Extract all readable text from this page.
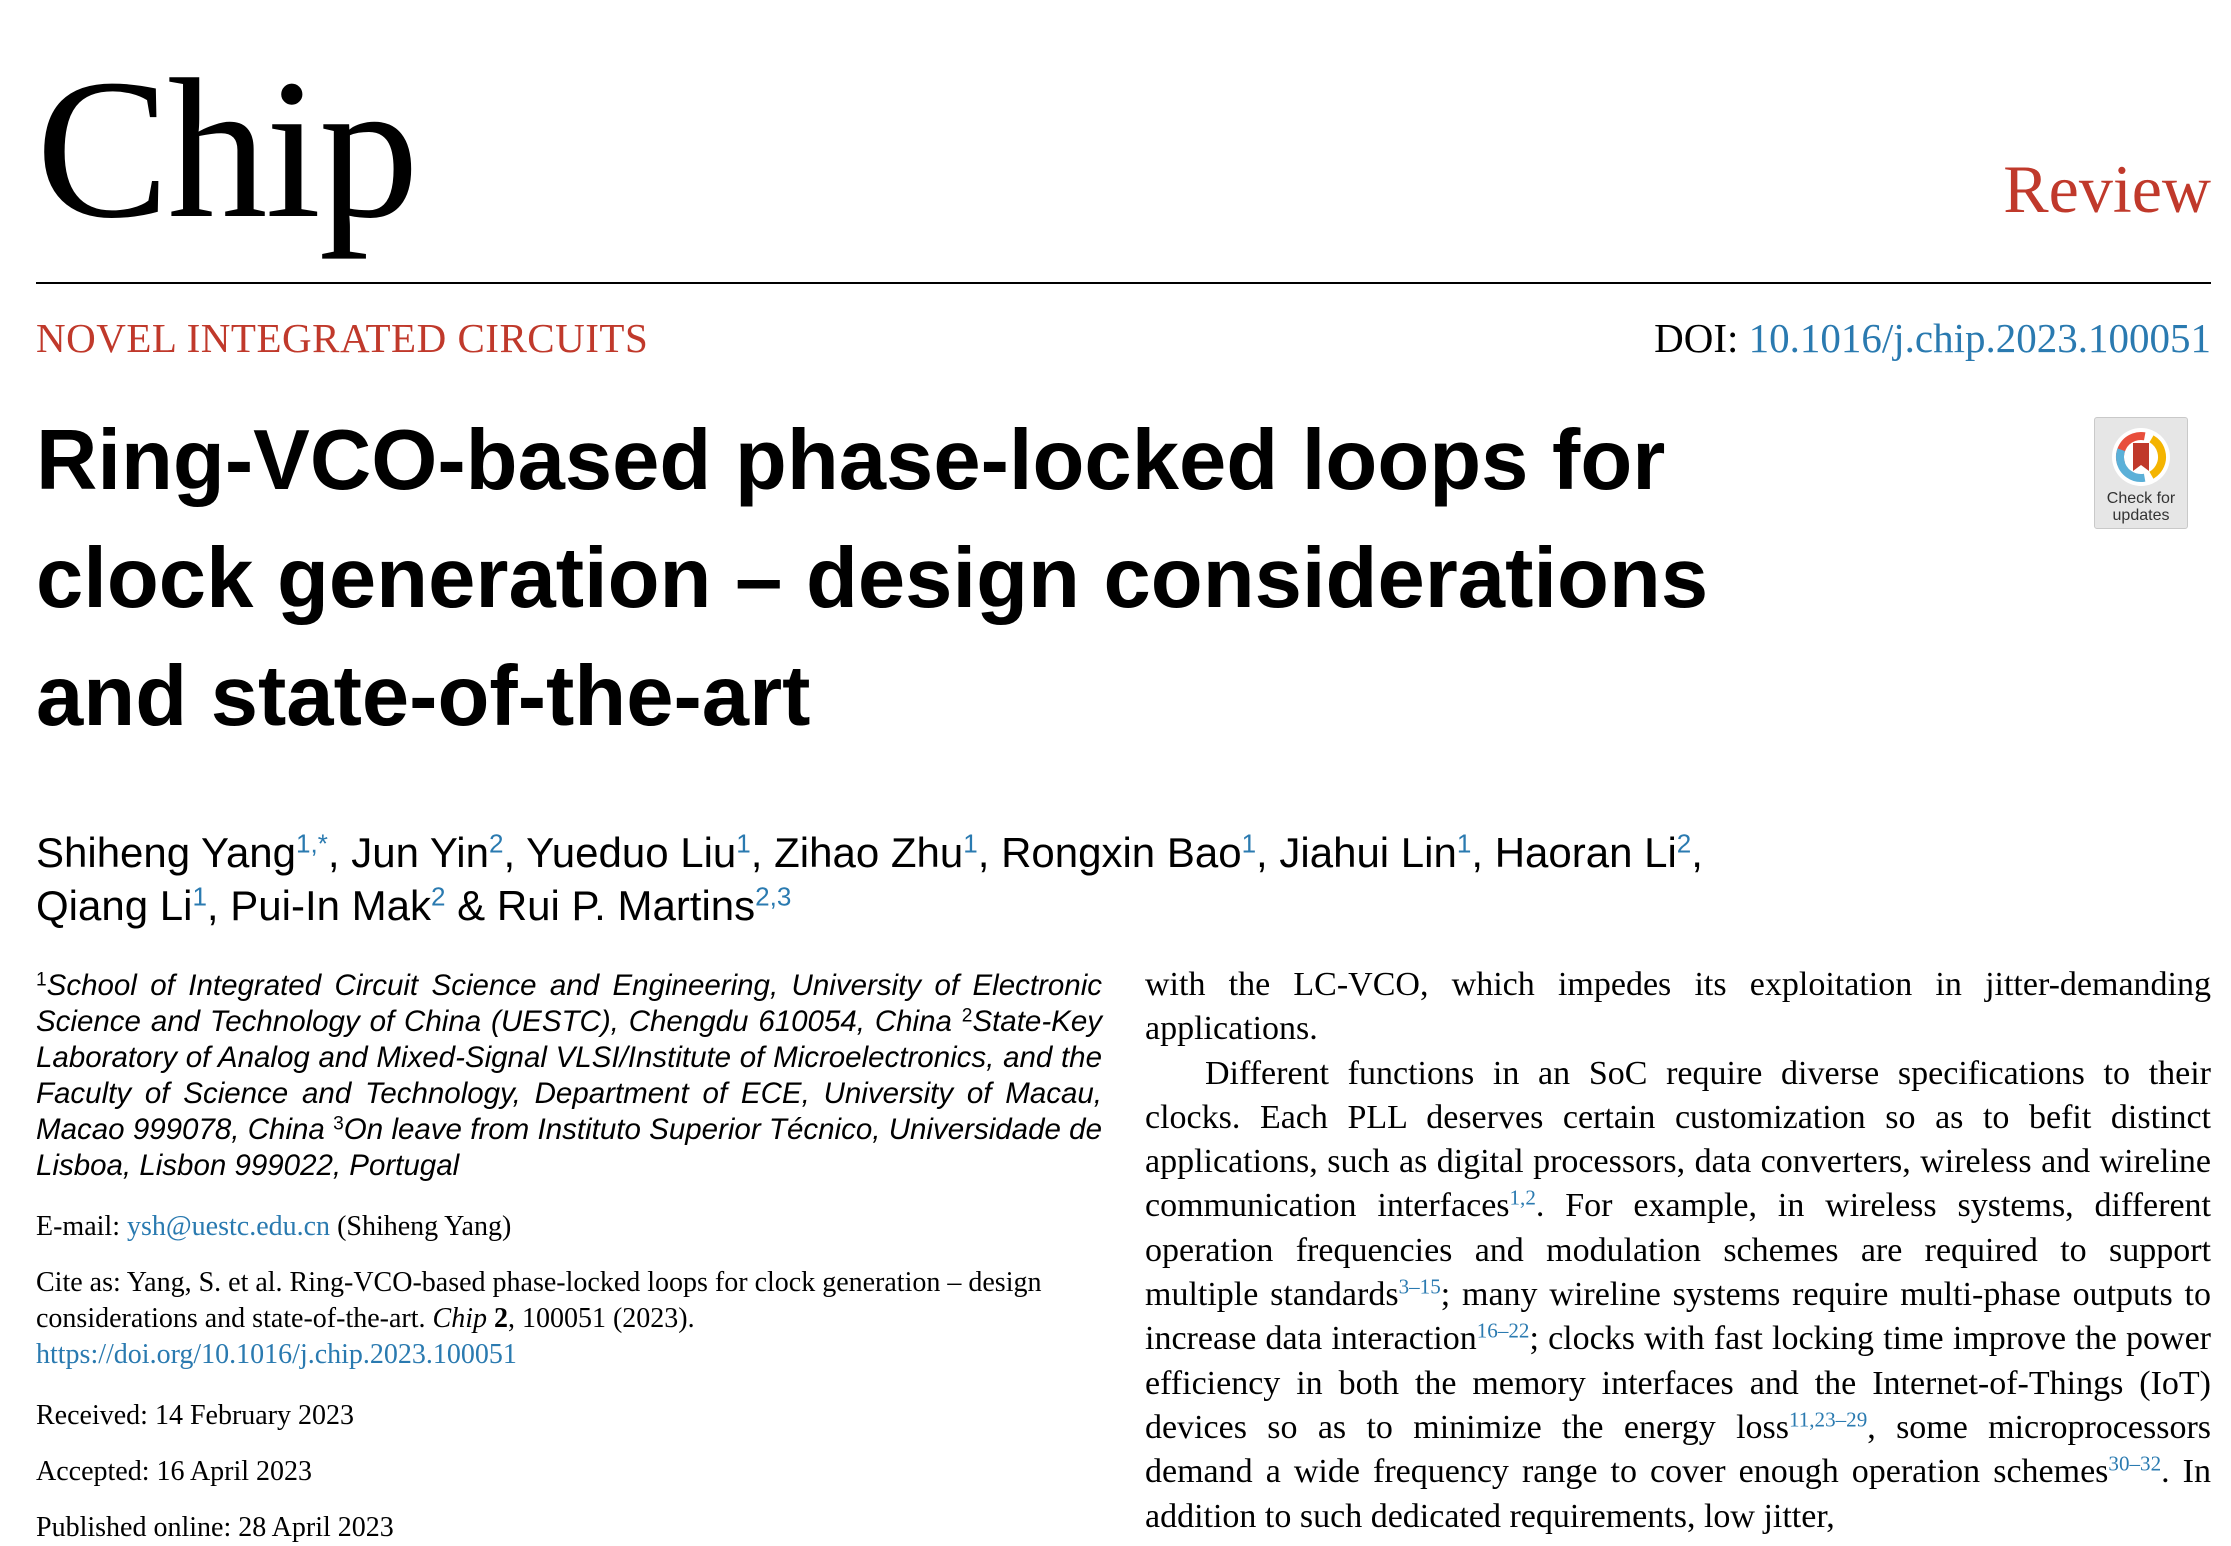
Chip	Review
NOVEL INTEGRATED CIRCUITS	DOI: 10.1016/j.chip.2023.100051
Ring-VCO-based phase-locked loops for
clock generation – design considerations
and state-of-the-art
Check for
updates

Shiheng Yang$^{1,*}$, Jun Yin$^2$, Yueduo Liu$^1$, Zihao Zhu$^1$, Rongxin Bao$^1$, Jiahui Lin$^1$, Haoran Li$^2$,
Qiang Li$^1$, Pui-In Mak$^2$ & Rui P. Martins$^{2,3}$

$^1$School of Integrated Circuit Science and Engineering, University of Electronic Science and Technology of China (UESTC), Chengdu 610054, China $^2$State-Key Laboratory of Analog and Mixed-Signal VLSI/Institute of Microelectronics, and the Faculty of Science and Technology, Department of ECE, University of Macau, Macao 999078, China $^3$On leave from Instituto Superior Técnico, Universidade de Lisboa, Lisbon 999022, Portugal

E-mail: ysh@uestc.edu.cn (Shiheng Yang)

Cite as: Yang, S. et al. Ring-VCO-based phase-locked loops for clock generation – design considerations and state-of-the-art. Chip 2, 100051 (2023).
https://doi.org/10.1016/j.chip.2023.100051

Received: 14 February 2023

Accepted: 16 April 2023

Published online: 28 April 2023

with the LC-VCO, which impedes its exploitation in jitter-demanding applications.

Different functions in an SoC require diverse specifications to their clocks. Each PLL deserves certain customization so as to befit distinct applications, such as digital processors, data converters, wireless and wireline communication interfaces$^{1,2}$. For example, in wireless systems, different operation frequencies and modulation schemes are required to support multiple standards$^{3-15}$; many wireline systems require multi-phase outputs to increase data interaction$^{16-22}$; clocks with fast locking time improve the power efficiency in both the memory interfaces and the Internet-of-Things (IoT) devices so as to minimize the energy loss$^{11,23-29}$, some microprocessors demand a wide frequency range to cover enough operation schemes$^{30-32}$. In addition to such dedicated requirements, low jitter,
